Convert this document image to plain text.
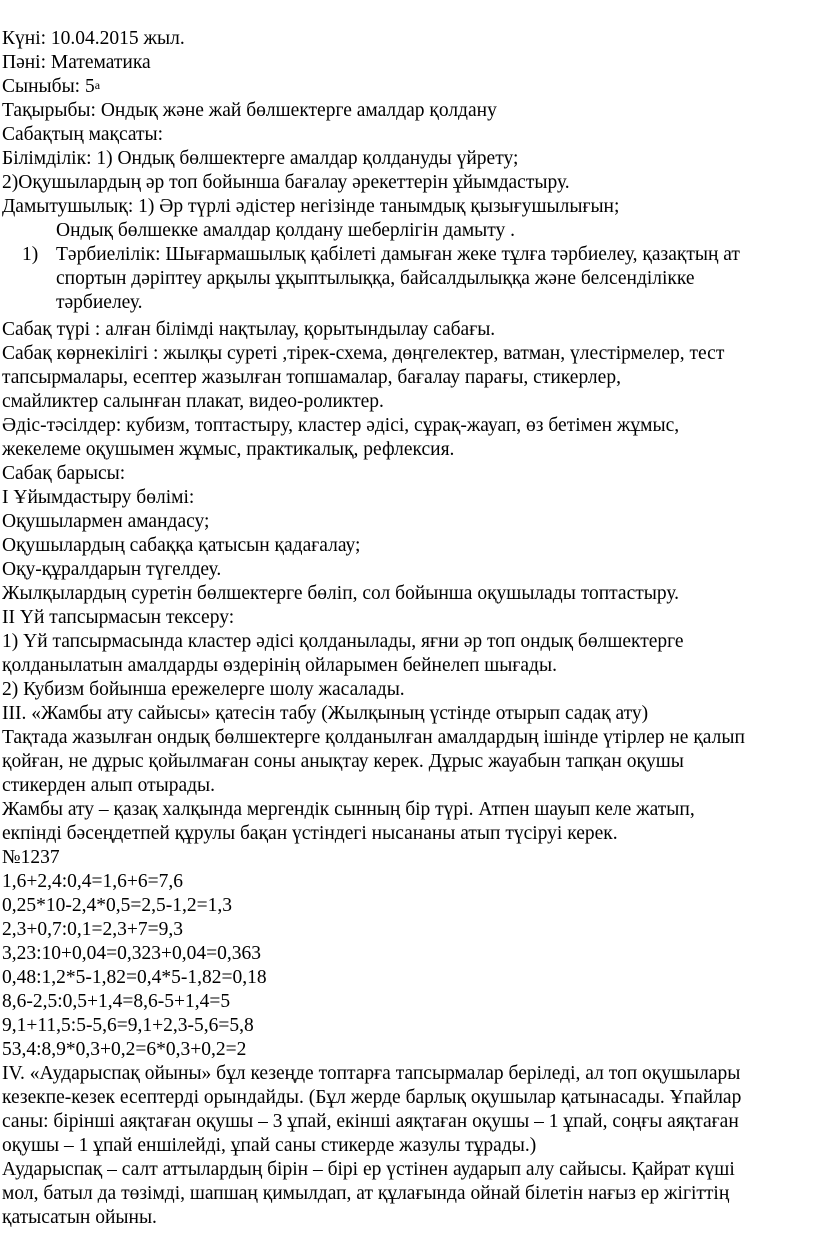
Күні: 10.04.2015 жыл.
Пәні: Математика
Сыныбы: $5^а$
Тақырыбы: Ондық және жай бөлшектерге амалдар қолдану
Сабақтың мақсаты:
Білімділік: 1) Ондық бөлшектерге амалдар қолдануды үйрету;
2)Оқушылардың әр топ бойынша бағалау әрекеттерін ұйымдастыру.
Дамытушылық: 1) Әр түрлі әдістер негізінде танымдық қызығушылығын;
Ондық бөлшекке амалдар қолдану шеберлігін дамыту .
1) Тәрбиелілік: Шығармашылық қабілеті дамыған жеке тұлға тәрбиелеу, қазақтың ат
спортын дәріптеу арқылы ұқыптылыққа, байсалдылыққа және белсенділікке
тәрбиелеу.
Сабақ түрі : алған білімді нақтылау, қорытындылау сабағы.
Сабақ көрнекілігі : жылқы суреті ,тірек-схема, дөңгелектер, ватман, үлестірмелер, тест
тапсырмалары, есептер жазылған топшамалар, бағалау парағы, стикерлер,
смайликтер салынған плакат, видео-роликтер.
Әдіс-тәсілдер: кубизм, топтастыру, кластер әдісі, сұрақ-жауап, өз бетімен жұмыс,
жекелеме оқушымен жұмыс, практикалық, рефлексия.
Сабақ барысы:
І Ұйымдастыру бөлімі:
Оқушылармен амандасу;
Оқушылардың сабаққа қатысын қадағалау;
Оқу-құралдарын түгелдеу.
Жылқылардың суретін бөлшектерге бөліп, сол бойынша оқушылады топтастыру.
ІІ Үй тапсырмасын тексеру:
1) Үй тапсырмасында кластер әдісі қолданылады, яғни әр топ ондық бөлшектерге
қолданылатын амалдарды өздерінің ойларымен бейнелеп шығады.
2) Кубизм бойынша ережелерге шолу жасалады.
ІІІ. «Жамбы ату сайысы» қатесін табу (Жылқының үстінде отырып садақ ату)
Тақтада жазылған ондық бөлшектерге қолданылған амалдардың ішінде үтірлер не қалып
қойған, не дұрыс қойылмаған соны анықтау керек. Дұрыс жауабын тапқан оқушы
стикерден алып отырады.
Жамбы ату – қазақ халқында мергендік сынның бір түрі. Атпен шауып келе жатып,
екпінді бәсеңдетпей құрулы бақан үстіндегі нысананы атып түсіруі керек.
№1237
1,6+2,4:0,4=1,6+6=7,6
0,25*10-2,4*0,5=2,5-1,2=1,3
2,3+0,7:0,1=2,3+7=9,3
3,23:10+0,04=0,323+0,04=0,363
0,48:1,2*5-1,82=0,4*5-1,82=0,18
8,6-2,5:0,5+1,4=8,6-5+1,4=5
9,1+11,5:5-5,6=9,1+2,3-5,6=5,8
53,4:8,9*0,3+0,2=6*0,3+0,2=2
IV. «Аударыспақ ойыны» бұл кезеңде топтарға тапсырмалар беріледі, ал топ оқушылары
кезекпе-кезек есептерді орындайды. (Бұл жерде барлық оқушылар қатынасады. Ұпайлар
саны: бірінші аяқтаған оқушы – 3 ұпай, екінші аяқтаған оқушы – 1 ұпай, соңғы аяқтаған
оқушы – 1 ұпай еншілейді, ұпай саны стикерде жазулы тұрады.)
Аударыспақ – салт аттылардың бірін – бірі ер үстінен аударып алу сайысы. Қайрат күші
мол, батыл да төзімді, шапшаң қимылдап, ат құлағында ойнай білетін нағыз ер жігіттің
қатысатын ойыны.
